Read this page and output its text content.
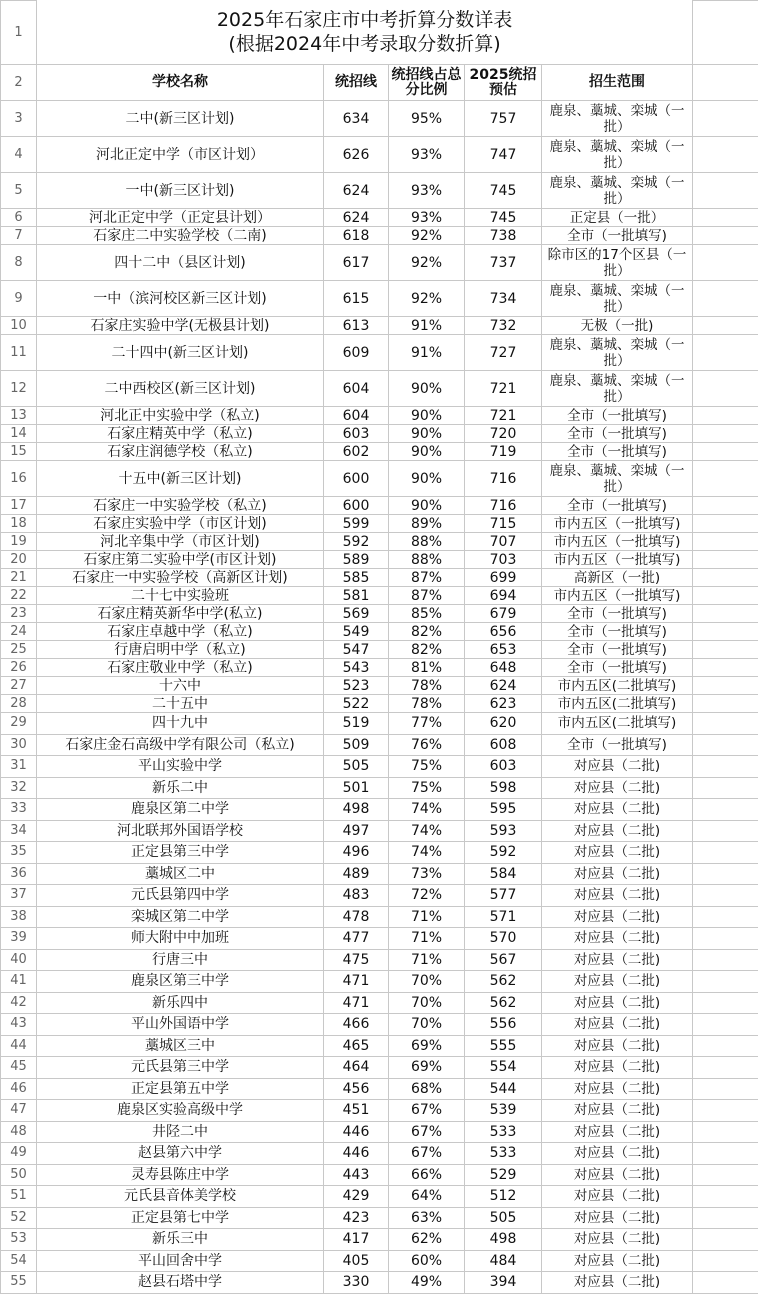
1	2025年石家庄市中考折算分数详表
(根据2024年中考录取分数折算)					

2	学校名称	统招线	统招线占总分比例	2025统招预估	招生范围	
3	二中(新三区计划)	634	95%	757	鹿泉、藁城、栾城（一批）	
4	河北正定中学（市区计划）	626	93%	747	鹿泉、藁城、栾城（一批）	
5	一中(新三区计划)	624	93%	745	鹿泉、藁城、栾城（一批）	
6	河北正定中学（正定县计划）	624	93%	745	正定县（一批）	
7	石家庄二中实验学校（二南)	618	92%	738	全市（一批填写)	
8	四十二中（县区计划)	617	92%	737	除市区的17个区县（一批）	
9	一中（滨河校区新三区计划)	615	92%	734	鹿泉、藁城、栾城（一批）	
10	石家庄实验中学(无极县计划)	613	91%	732	无极（一批)	
11	二十四中(新三区计划)	609	91%	727	鹿泉、藁城、栾城（一批）	
12	二中西校区(新三区计划)	604	90%	721	鹿泉、藁城、栾城（一批）	
13	河北正中实验中学（私立)	604	90%	721	全市（一批填写)	
14	石家庄精英中学（私立)	603	90%	720	全市（一批填写)	
15	石家庄润德学校（私立)	602	90%	719	全市（一批填写)	
16	十五中(新三区计划)	600	90%	716	鹿泉、藁城、栾城（一批）	
17	石家庄一中实验学校（私立)	600	90%	716	全市（一批填写)	
18	石家庄实验中学（市区计划)	599	89%	715	市内五区（一批填写)	
19	河北辛集中学（市区计划)	592	88%	707	市内五区（一批填写)	
20	石家庄第二实验中学(市区计划)	589	88%	703	市内五区（一批填写)	
21	石家庄一中实验学校（高新区计划)	585	87%	699	高新区（一批)	
22	二十七中实验班	581	87%	694	市内五区（一批填写)	
23	石家庄精英新华中学(私立)	569	85%	679	全市（一批填写)	
24	石家庄卓越中学（私立)	549	82%	656	全市（一批填写)	
25	行唐启明中学（私立)	547	82%	653	全市（一批填写)	
26	石家庄敬业中学（私立)	543	81%	648	全市（一批填写)	
27	十六中	523	78%	624	市内五区(二批填写)	
28	二十五中	522	78%	623	市内五区(二批填写)	
29	四十九中	519	77%	620	市内五区(二批填写)	
30	石家庄金石高级中学有限公司（私立)	509	76%	608	全市（一批填写)	
31	平山实验中学	505	75%	603	对应县（二批)	
32	新乐二中	501	75%	598	对应县（二批)	
33	鹿泉区第二中学	498	74%	595	对应县（二批)	
34	河北联邦外国语学校	497	74%	593	对应县（二批)	
35	正定县第三中学	496	74%	592	对应县（二批)	
36	藁城区二中	489	73%	584	对应县（二批)	
37	元氏县第四中学	483	72%	577	对应县（二批)	
38	栾城区第二中学	478	71%	571	对应县（二批)	
39	师大附中中加班	477	71%	570	对应县（二批)	
40	行唐三中	475	71%	567	对应县（二批)	
41	鹿泉区第三中学	471	70%	562	对应县（二批)	
42	新乐四中	471	70%	562	对应县（二批)	
43	平山外国语中学	466	70%	556	对应县（二批)	
44	藁城区三中	465	69%	555	对应县（二批)	
45	元氏县第三中学	464	69%	554	对应县（二批)	
46	正定县第五中学	456	68%	544	对应县（二批)	
47	鹿泉区实验高级中学	451	67%	539	对应县（二批)	
48	井陉二中	446	67%	533	对应县（二批)	
49	赵县第六中学	446	67%	533	对应县（二批)	
50	灵寿县陈庄中学	443	66%	529	对应县（二批)	
51	元氏县音体美学校	429	64%	512	对应县（二批)	
52	正定县第七中学	423	63%	505	对应县（二批)	
53	新乐三中	417	62%	498	对应县（二批)	
54	平山回舍中学	405	60%	484	对应县（二批)	
55	赵县石塔中学	330	49%	394	对应县（二批)	
